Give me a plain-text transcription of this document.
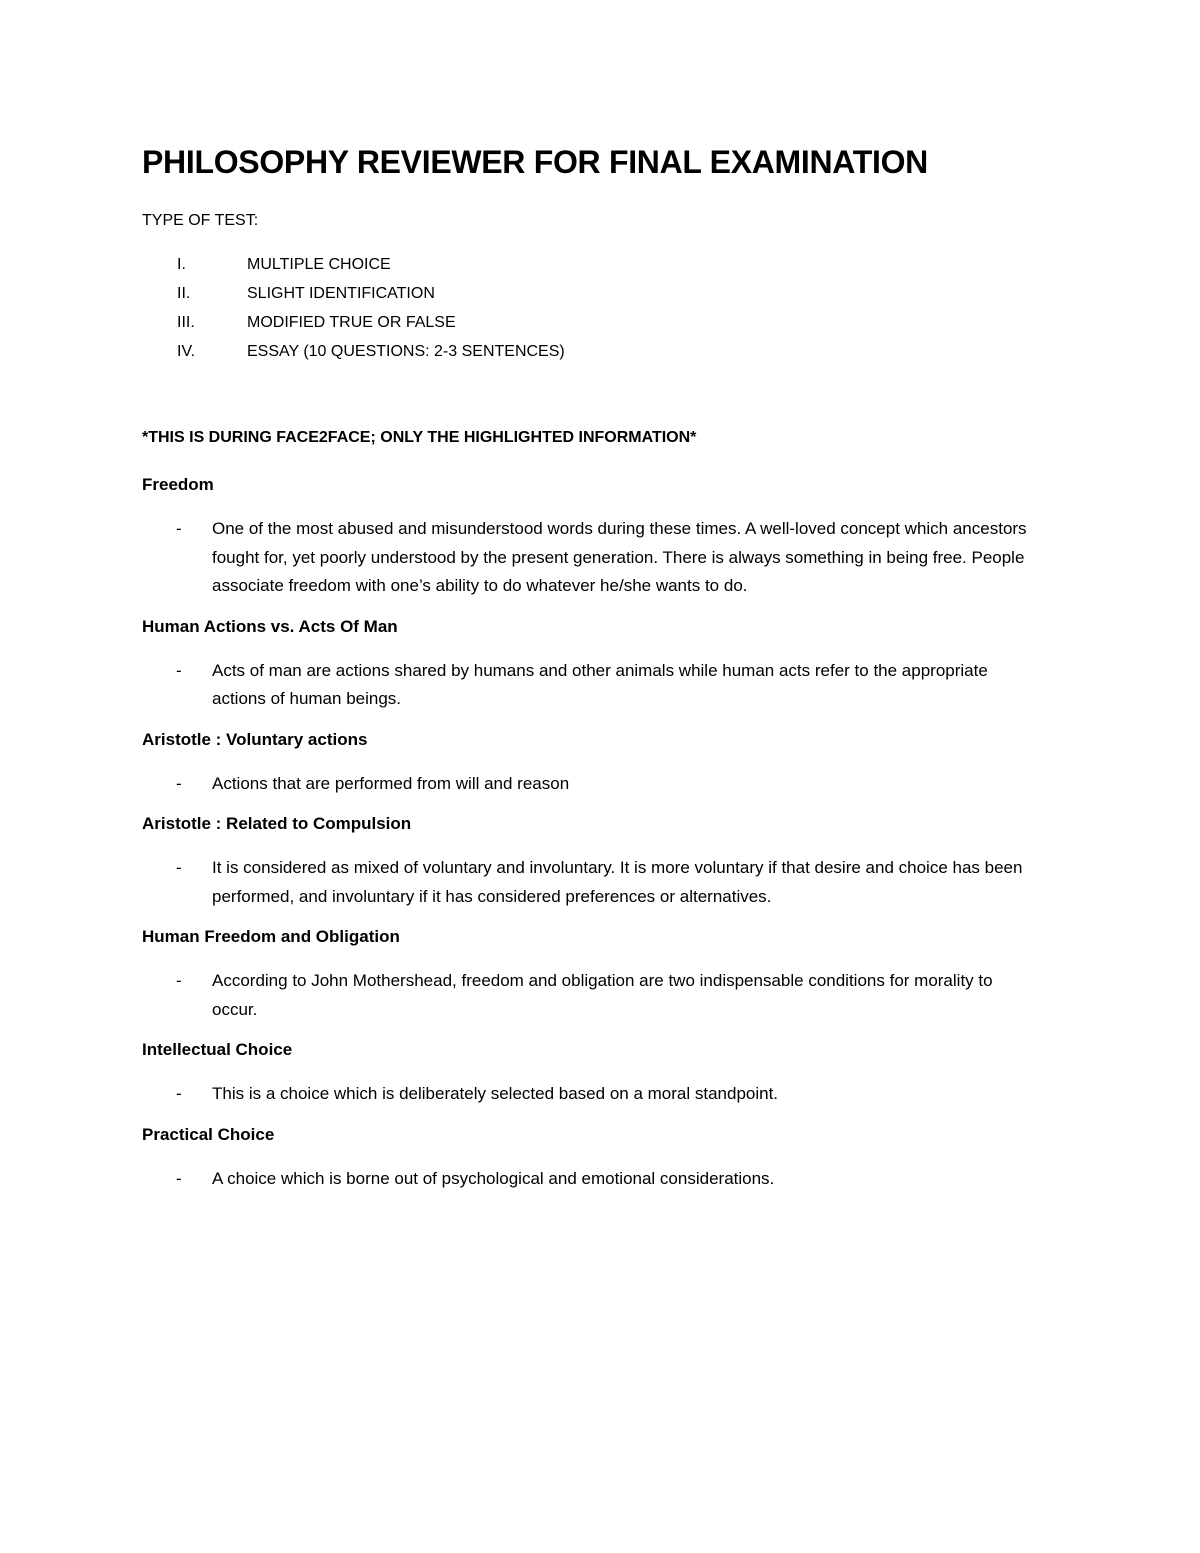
PHILOSOPHY REVIEWER FOR FINAL EXAMINATION
TYPE OF TEST:
I.	MULTIPLE CHOICE
II.	SLIGHT IDENTIFICATION
III.	MODIFIED TRUE OR FALSE
IV.	ESSAY (10 QUESTIONS: 2-3 SENTENCES)
*THIS IS DURING FACE2FACE; ONLY THE HIGHLIGHTED INFORMATION*
Freedom
- One of the most abused and misunderstood words during these times. A well-loved concept which ancestors fought for, yet poorly understood by the present generation. There is always something in being free. People associate freedom with one’s ability to do whatever he/she wants to do.
Human Actions vs. Acts Of Man
- Acts of man are actions shared by humans and other animals while human acts refer to the appropriate actions of human beings.
Aristotle : Voluntary actions
- Actions that are performed from will and reason
Aristotle : Related to Compulsion
- It is considered as mixed of voluntary and involuntary. It is more voluntary if that desire and choice has been performed, and involuntary if it has considered preferences or alternatives.
Human Freedom and Obligation
- According to John Mothershead, freedom and obligation are two indispensable conditions for morality to occur.
Intellectual Choice
- This is a choice which is deliberately selected based on a moral standpoint.
Practical Choice
- A choice which is borne out of psychological and emotional considerations.
